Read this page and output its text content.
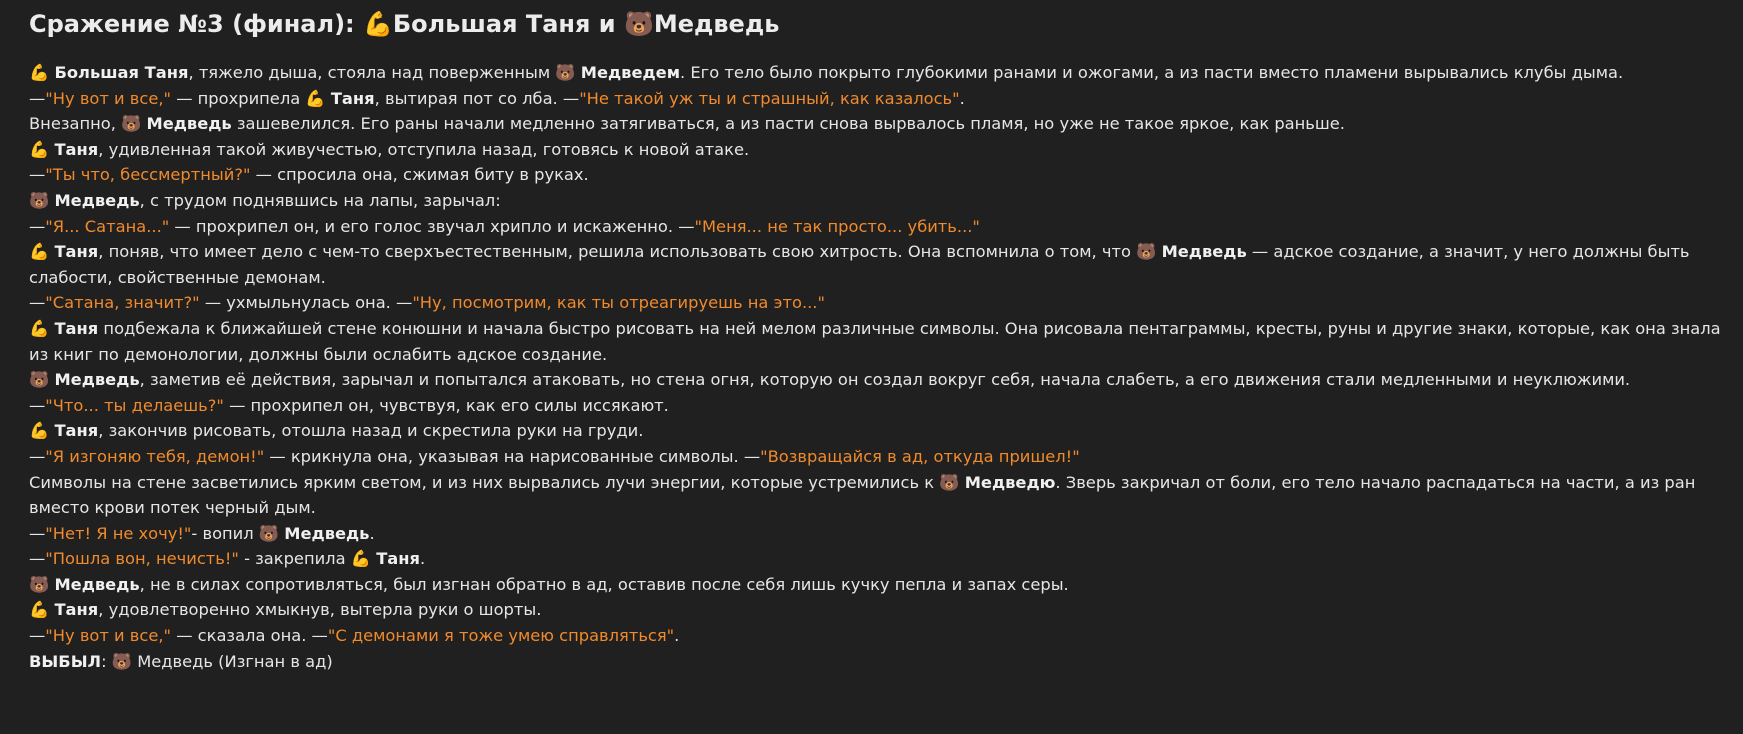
Сражение №3 (финал): 💪Большая Таня и 🐻Медведь
💪 Большая Таня, тяжело дыша, стояла над поверженным 🐻 Медведем. Его тело было покрыто глубокими ранами и ожогами, а из пасти вместо пламени вырывались клубы дыма.
—"Ну вот и все," — прохрипела 💪 Таня, вытирая пот со лба. —"Не такой уж ты и страшный, как казалось".
Внезапно, 🐻 Медведь зашевелился. Его раны начали медленно затягиваться, а из пасти снова вырвалось пламя, но уже не такое яркое, как раньше.
💪 Таня, удивленная такой живучестью, отступила назад, готовясь к новой атаке.
—"Ты что, бессмертный?" — спросила она, сжимая биту в руках.
🐻 Медведь, с трудом поднявшись на лапы, зарычал:
—"Я... Сатана..." — прохрипел он, и его голос звучал хрипло и искаженно. —"Меня... не так просто... убить..."
💪 Таня, поняв, что имеет дело с чем-то сверхъестественным, решила использовать свою хитрость. Она вспомнила о том, что 🐻 Медведь — адское создание, а значит, у него должны быть слабости, свойственные демонам.
—"Сатана, значит?" — ухмыльнулась она. —"Ну, посмотрим, как ты отреагируешь на это..."
💪 Таня подбежала к ближайшей стене конюшни и начала быстро рисовать на ней мелом различные символы. Она рисовала пентаграммы, кресты, руны и другие знаки, которые, как она знала из книг по демонологии, должны были ослабить адское создание.
🐻 Медведь, заметив её действия, зарычал и попытался атаковать, но стена огня, которую он создал вокруг себя, начала слабеть, а его движения стали медленными и неуклюжими.
—"Что... ты делаешь?" — прохрипел он, чувствуя, как его силы иссякают.
💪 Таня, закончив рисовать, отошла назад и скрестила руки на груди.
—"Я изгоняю тебя, демон!" — крикнула она, указывая на нарисованные символы. —"Возвращайся в ад, откуда пришел!"
Символы на стене засветились ярким светом, и из них вырвались лучи энергии, которые устремились к 🐻 Медведю. Зверь закричал от боли, его тело начало распадаться на части, а из ран вместо крови потек черный дым.
—"Нет! Я не хочу!"- вопил 🐻 Медведь.
—"Пошла вон, нечисть!" - закрепила 💪 Таня.
🐻 Медведь, не в силах сопротивляться, был изгнан обратно в ад, оставив после себя лишь кучку пепла и запах серы.
💪 Таня, удовлетворенно хмыкнув, вытерла руки о шорты.
—"Ну вот и все," — сказала она. —"С демонами я тоже умею справляться".
ВЫБЫЛ: 🐻 Медведь (Изгнан в ад)
